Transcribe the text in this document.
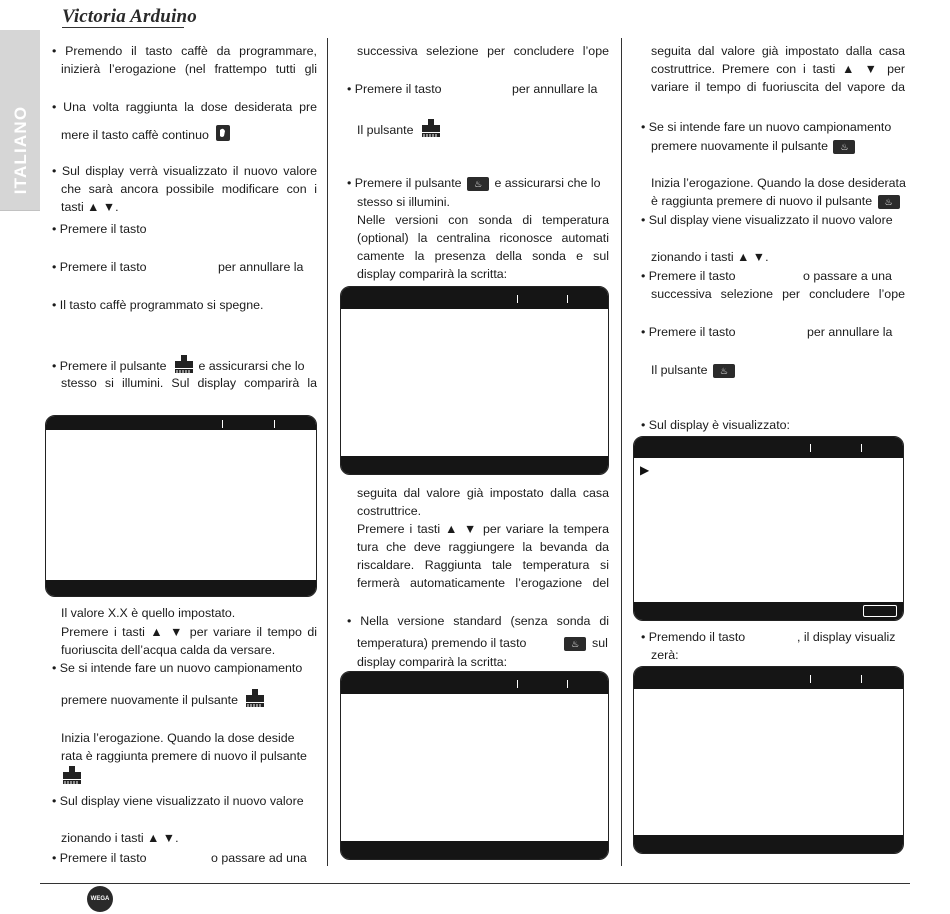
Victoria Arduino
ITALIANO
• Premendo il tasto caffè da programmare,
inizierà l’erogazione (nel frattempo tutti gli
• Una volta raggiunta la dose desiderata pre
mere il tasto caffè continuo
• Sul display verrà visualizzato il nuovo valore
che sarà ancora possibile modificare con i
tasti ▲ ▼.
• Premere il tasto
• Premere il tasto	per annullare la
• Il tasto caffè programmato si spegne.
• Premere il pulsante	e assicurarsi che lo
stesso si illumini. Sul display comparirà la
Il valore X.X è quello impostato.
Premere i tasti ▲ ▼ per variare il tempo di
fuoriuscita dell’acqua calda da versare.
• Se si intende fare un nuovo campionamento
premere nuovamente il pulsante
Inizia l’erogazione. Quando la dose deside
rata è raggiunta premere di nuovo il pulsante
• Sul display viene visualizzato il nuovo valore
zionando i tasti ▲ ▼.
• Premere il tasto	o passare ad una
successiva selezione per concludere l’ope
• Premere il tasto	per annullare la
Il pulsante
• Premere il pulsante ♨ e assicurarsi che lo
stesso si illumini.
Nelle versioni con sonda di temperatura
(optional) la centralina riconosce automati
camente la presenza della sonda e sul
display comparirà la scritta:
seguita dal valore già impostato dalla casa
costruttrice.
Premere i tasti ▲ ▼ per variare la tempera
tura che deve raggiungere la bevanda da
riscaldare. Raggiunta tale temperatura si
fermerà automaticamente l’erogazione del
• Nella versione standard (senza sonda di
temperatura) premendo il tasto	♨	sul
display comparirà la scritta:
seguita dal valore già impostato dalla casa
costruttrice. Premere con i tasti ▲ ▼ per
variare il tempo di fuoriuscita del vapore da
• Se si intende fare un nuovo campionamento
premere nuovamente il pulsante ♨
Inizia l’erogazione. Quando la dose desiderata
è raggiunta premere di nuovo il pulsante ♨
• Sul display viene visualizzato il nuovo valore
zionando i tasti ▲ ▼.
• Premere il tasto	o passare a una
successiva selezione per concludere l’ope
• Premere il tasto	per annullare la
Il pulsante ♨
• Sul display è visualizzato:
▶
• Premendo il tasto	, il display visualiz
zerà:
WEGA
